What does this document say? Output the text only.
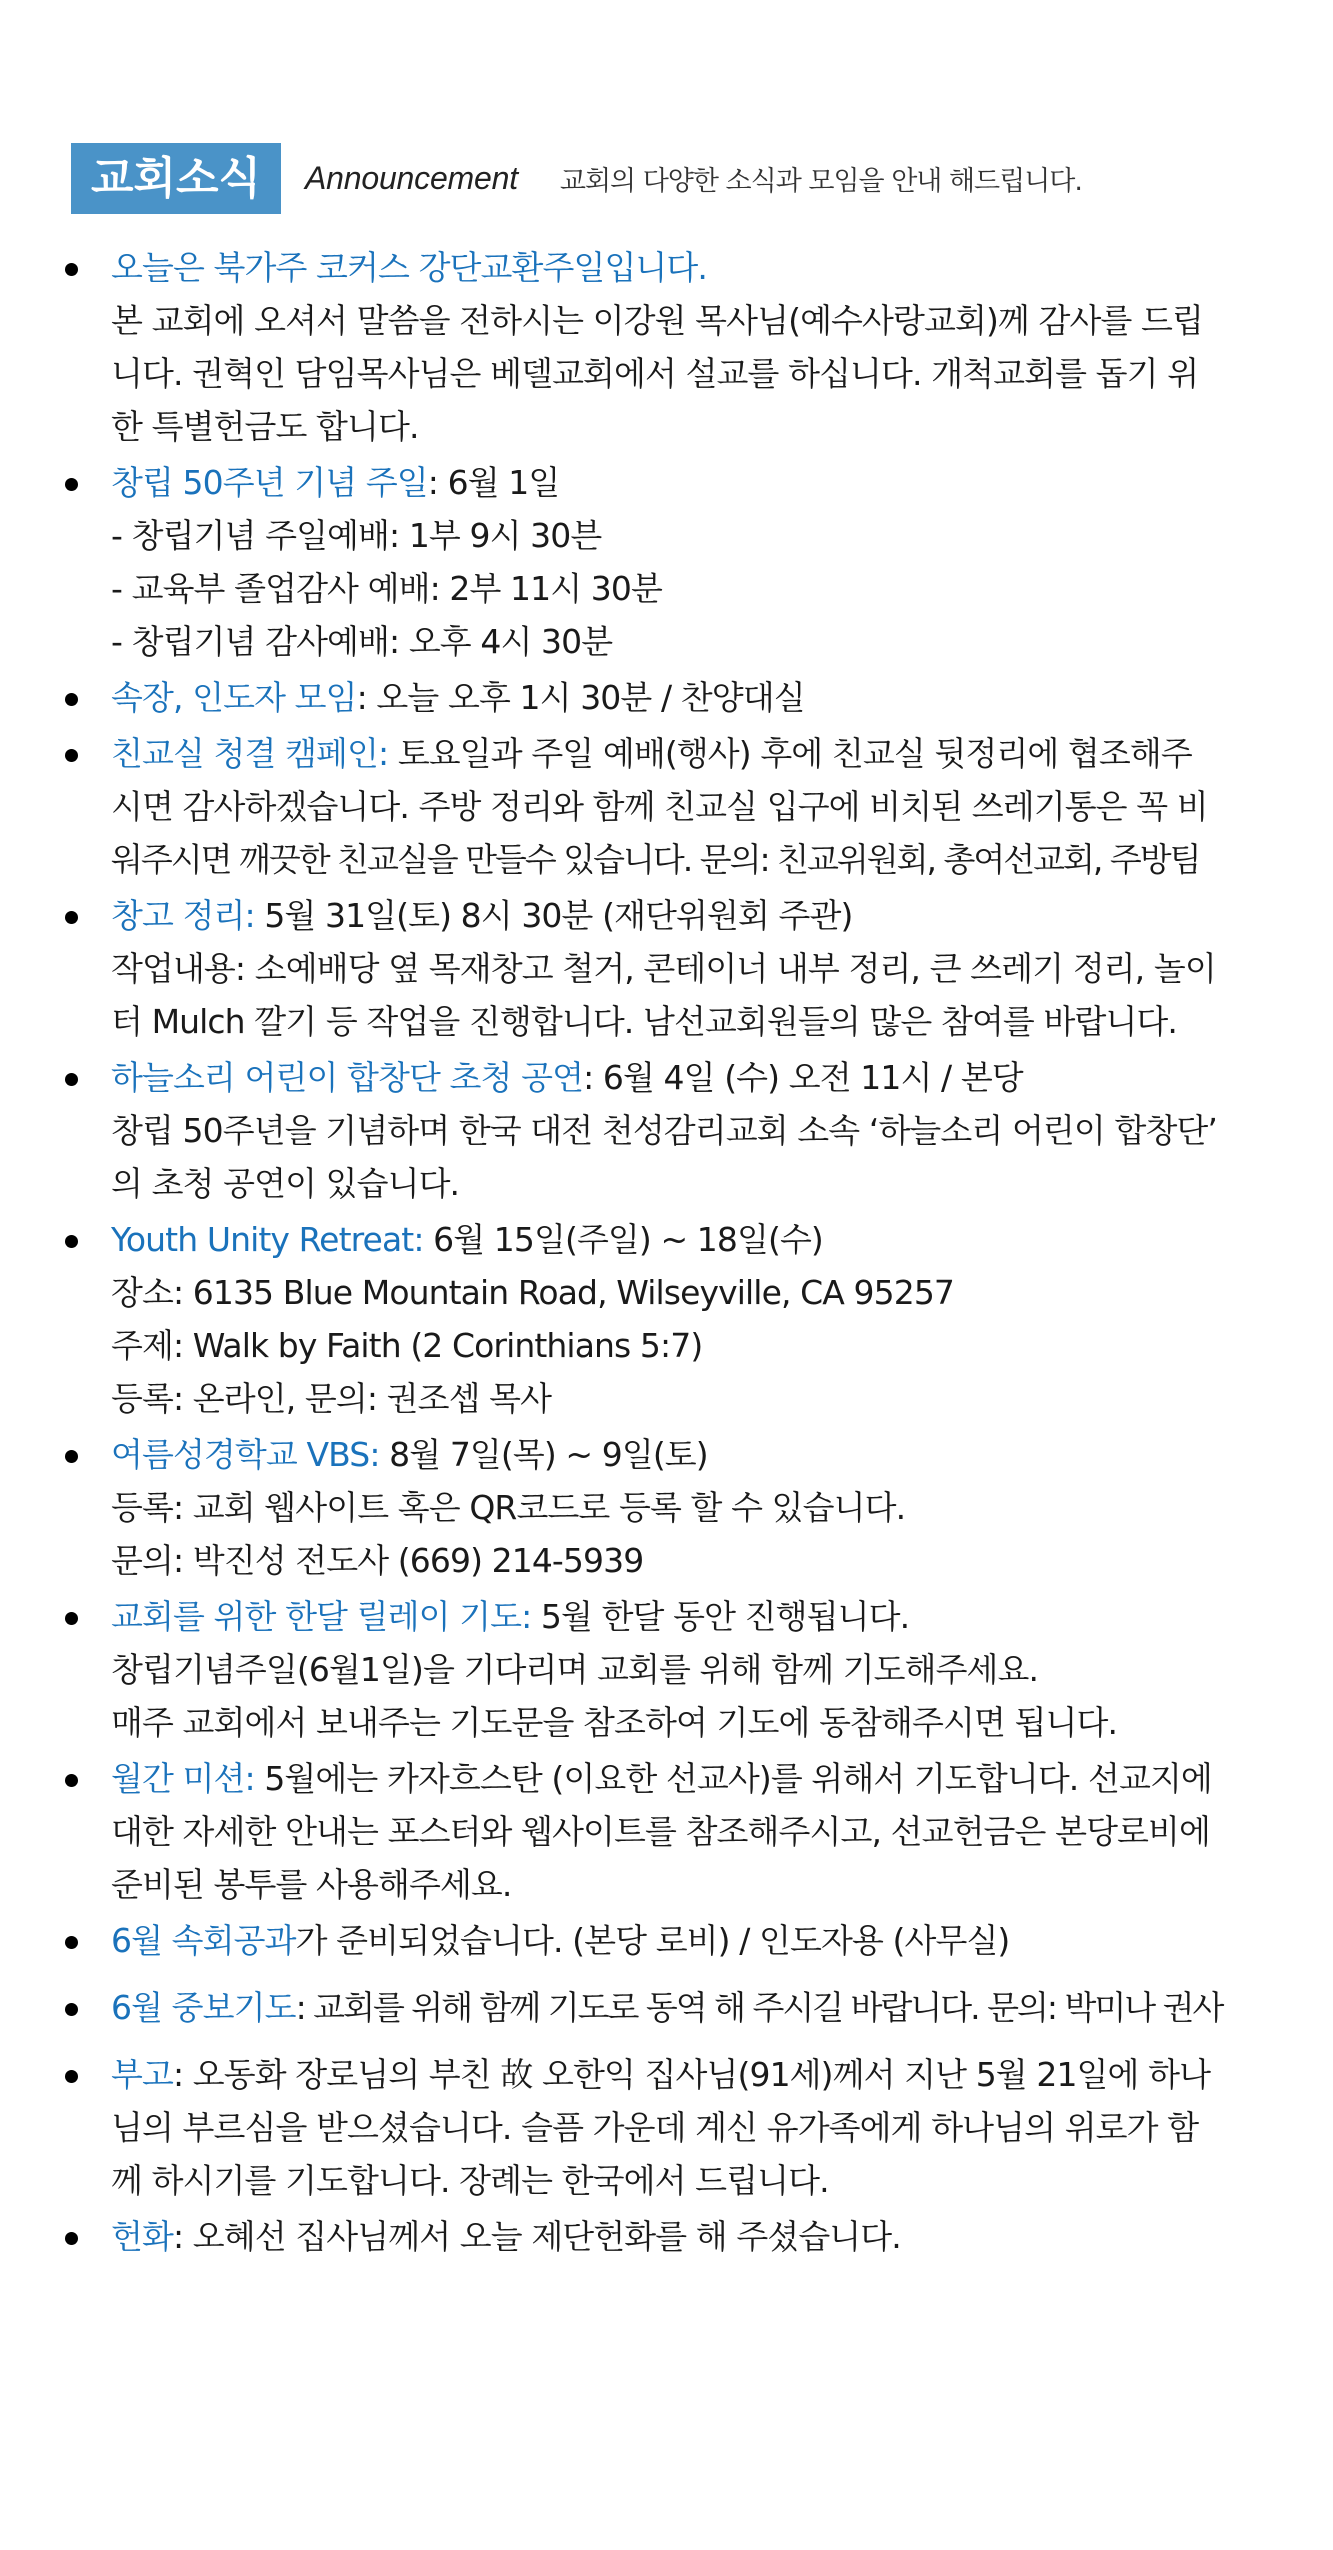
교회소식	Announcement 교회의 다양한 소식과 모임을 안내 해드립니다.
오늘은 북가주 코커스 강단교환주일입니다.
본 교회에 오셔서 말씀을 전하시는 이강원 목사님(예수사랑교회)께 감사를 드립
니다. 권혁인 담임목사님은 베델교회에서 설교를 하십니다. 개척교회를 돕기 위
한 특별헌금도 합니다.
창립 50주년 기념 주일: 6월 1일
- 창립기념 주일예배: 1부 9시 30븐
- 교육부 졸업감사 예배: 2부 11시 30분
- 창립기념 감사예배: 오후 4시 30분
속장, 인도자 모임: 오늘 오후 1시 30분 / 찬양대실
친교실 청결 캠페인: 토요일과 주일 예배(행사) 후에 친교실 뒷정리에 협조해주
시면 감사하겠습니다. 주방 정리와 함께 친교실 입구에 비치된 쓰레기통은 꼭 비
워주시면 깨끗한 친교실을 만들수 있습니다. 문의: 친교위원회, 총여선교회, 주방팀
창고 정리: 5월 31일(토) 8시 30분 (재단위원회 주관)
작업내용: 소예배당 옆 목재창고 철거, 콘테이너 내부 정리, 큰 쓰레기 정리, 놀이
터 Mulch 깔기 등 작업을 진행합니다. 남선교회원들의 많은 참여를 바랍니다.
하늘소리 어린이 합창단 초청 공연: 6월 4일 (수) 오전 11시 / 본당
창립 50주년을 기념하며 한국 대전 천성감리교회 소속 ‘하늘소리 어린이 합창단’
의 초청 공연이 있습니다.
Youth Unity Retreat: 6월 15일(주일) ~ 18일(수)
장소: 6135 Blue Mountain Road, Wilseyville, CA 95257
주제: Walk by Faith (2 Corinthians 5:7)
등록: 온라인, 문의: 권조셉 목사
여름성경학교 VBS: 8월 7일(목) ~ 9일(토)
등록: 교회 웹사이트 혹은 QR코드로 등록 할 수 있습니다.
문의: 박진성 전도사 (669) 214-5939
교회를 위한 한달 릴레이 기도: 5월 한달 동안 진행됩니다.
창립기념주일(6월1일)을 기다리며 교회를 위해 함께 기도해주세요.
매주 교회에서 보내주는 기도문을 참조하여 기도에 동참해주시면 됩니다.
월간 미션: 5월에는 카자흐스탄 (이요한 선교사)를 위해서 기도합니다. 선교지에
대한 자세한 안내는 포스터와 웹사이트를 참조해주시고, 선교헌금은 본당로비에
준비된 봉투를 사용해주세요.
6월 속회공과가 준비되었습니다. (본당 로비) / 인도자용 (사무실)
6월 중보기도: 교회를 위해 함께 기도로 동역 해 주시길 바랍니다. 문의: 박미나 권사
부고: 오동화 장로님의 부친 故 오한익 집사님(91세)께서 지난 5월 21일에 하나
님의 부르심을 받으셨습니다. 슬픔 가운데 계신 유가족에게 하나님의 위로가 함
께 하시기를 기도합니다. 장례는 한국에서 드립니다.
헌화: 오혜선 집사님께서 오늘 제단헌화를 해 주셨습니다.
